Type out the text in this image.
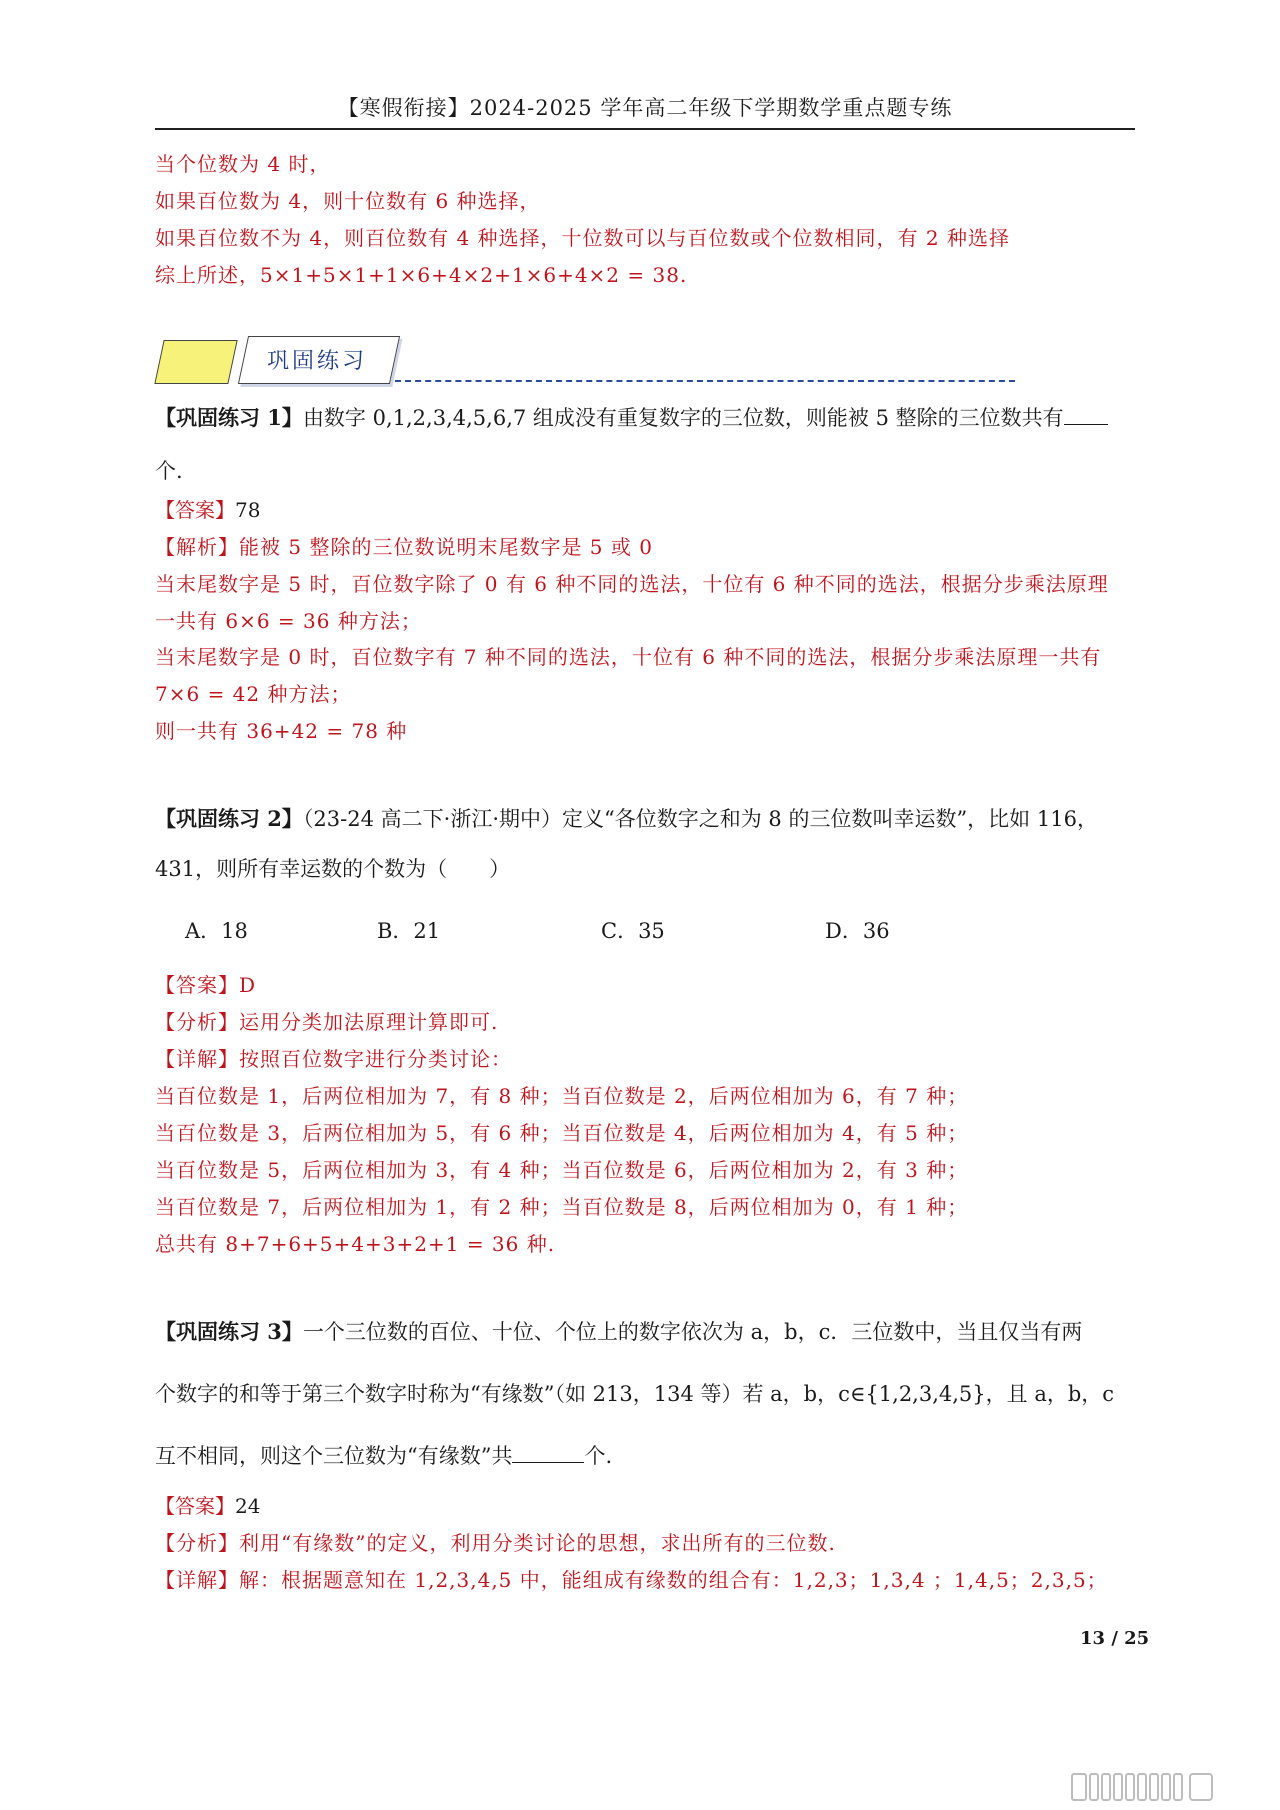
【寒假衔接】2024-2025 学年高二年级下学期数学重点题专练
当个位数为 4 时，
如果百位数为 4，则十位数有 6 种选择，
如果百位数不为 4，则百位数有 4 种选择，十位数可以与百位数或个位数相同，有 2 种选择
综上所述，5×1+5×1+1×6+4×2+1×6+4×2 = 38.
巩固练习
【巩固练习 1】由数字 0,1,2,3,4,5,6,7 组成没有重复数字的三位数，则能被 5 整除的三位数共有
个.
【答案】78
【解析】能被 5 整除的三位数说明末尾数字是 5 或 0
当末尾数字是 5 时，百位数字除了 0 有 6 种不同的选法，十位有 6 种不同的选法，根据分步乘法原理
一共有 6×6 = 36 种方法；
当末尾数字是 0 时，百位数字有 7 种不同的选法，十位有 6 种不同的选法，根据分步乘法原理一共有
7×6 = 42 种方法；
则一共有 36+42 = 78 种
【巩固练习 2】（23-24 高二下·浙江·期中）定义“各位数字之和为 8 的三位数叫幸运数”，比如 116，
431，则所有幸运数的个数为（　　）
A．18	B．21	C．35	D．36
【答案】D
【分析】运用分类加法原理计算即可.
【详解】按照百位数字进行分类讨论：
当百位数是 1，后两位相加为 7，有 8 种；当百位数是 2，后两位相加为 6，有 7 种；
当百位数是 3，后两位相加为 5，有 6 种；当百位数是 4，后两位相加为 4，有 5 种；
当百位数是 5，后两位相加为 3，有 4 种；当百位数是 6，后两位相加为 2，有 3 种；
当百位数是 7，后两位相加为 1，有 2 种；当百位数是 8，后两位相加为 0，有 1 种；
总共有 8+7+6+5+4+3+2+1 = 36 种.
【巩固练习 3】一个三位数的百位、十位、个位上的数字依次为 a，b，c．三位数中，当且仅当有两
个数字的和等于第三个数字时称为“有缘数”（如 213，134 等）若 a，b，c∈{1,2,3,4,5}，且 a，b，c
互不相同，则这个三位数为“有缘数”共	个.
【答案】24
【分析】利用“有缘数”的定义，利用分类讨论的思想，求出所有的三位数.
【详解】解：根据题意知在 1,2,3,4,5 中，能组成有缘数的组合有：1,2,3；1,3,4 ；1,4,5；2,3,5；
13 / 25
